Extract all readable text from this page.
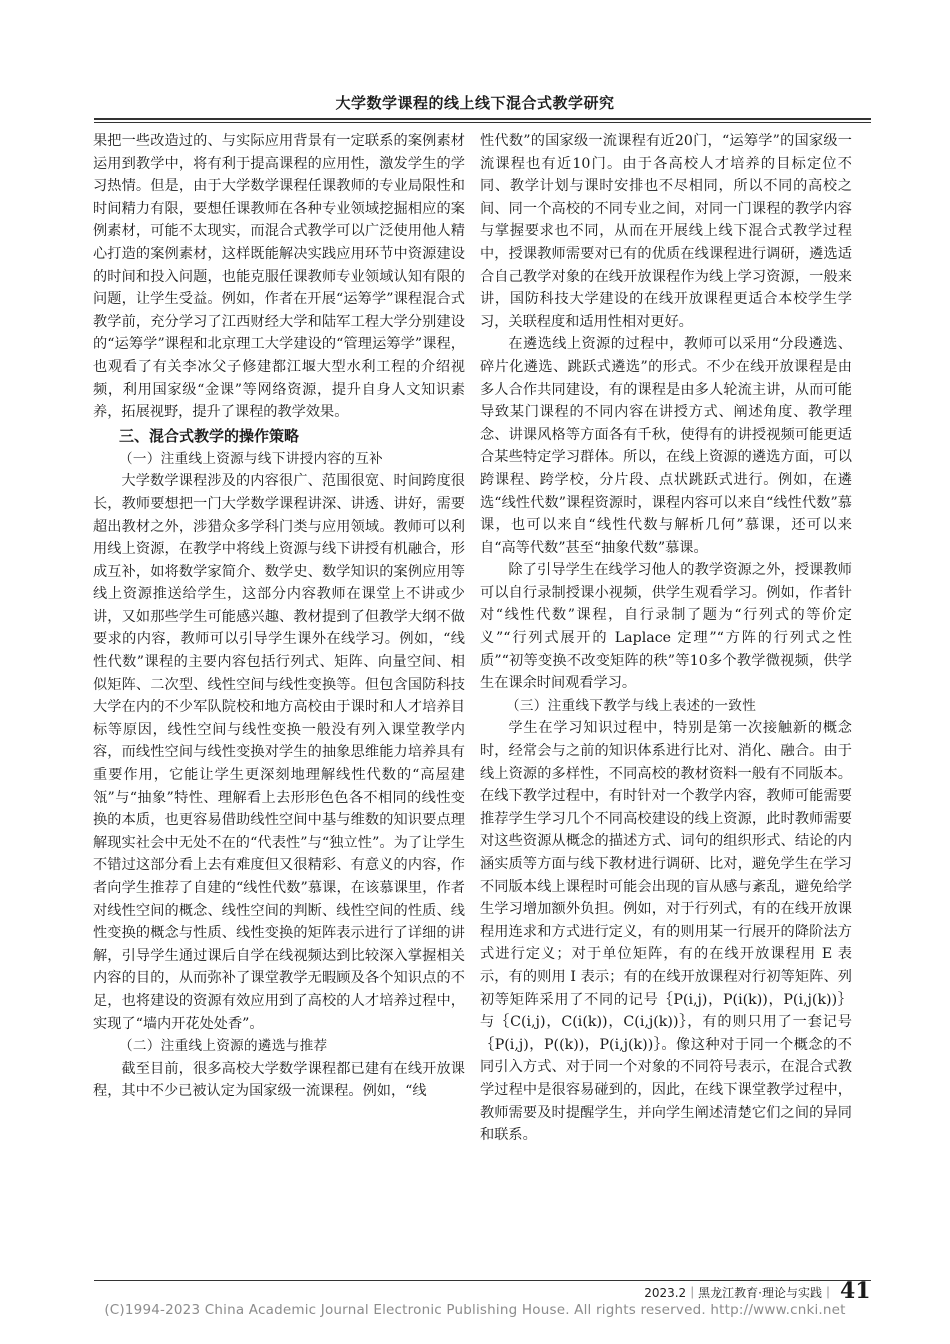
大学数学课程的线上线下混合式教学研究

果把一些改造过的、与实际应用背景有一定联系的案例素材运用到教学中，将有利于提高课程的应用性，激发学生的学习热情。但是，由于大学数学课程任课教师的专业局限性和时间精力有限，要想任课教师在各种专业领域挖掘相应的案例素材，可能不太现实，而混合式教学可以广泛使用他人精心打造的案例素材，这样既能解决实践应用环节中资源建设的时间和投入问题，也能克服任课教师专业领域认知有限的问题，让学生受益。例如，作者在开展“运筹学”课程混合式教学前，充分学习了江西财经大学和陆军工程大学分别建设的“运筹学”课程和北京理工大学建设的“管理运筹学”课程，也观看了有关李冰父子修建都江堰大型水利工程的介绍视频，利用国家级“金课”等网络资源，提升自身人文知识素养，拓展视野，提升了课程的教学效果。

三、混合式教学的操作策略
（一）注重线上资源与线下讲授内容的互补

大学数学课程涉及的内容很广、范围很宽、时间跨度很长，教师要想把一门大学数学课程讲深、讲透、讲好，需要超出教材之外，涉猎众多学科门类与应用领域。教师可以利用线上资源，在教学中将线上资源与线下讲授有机融合，形成互补，如将数学家简介、数学史、数学知识的案例应用等线上资源推送给学生，这部分内容教师在课堂上不讲或少讲，又如那些学生可能感兴趣、教材提到了但教学大纲不做要求的内容，教师可以引导学生课外在线学习。例如，“线性代数”课程的主要内容包括行列式、矩阵、向量空间、相似矩阵、二次型、线性空间与线性变换等。但包含国防科技大学在内的不少军队院校和地方高校由于课时和人才培养目标等原因，线性空间与线性变换一般没有列入课堂教学内容，而线性空间与线性变换对学生的抽象思维能力培养具有重要作用，它能让学生更深刻地理解线性代数的“高屋建瓴”与“抽象”特性、理解看上去形形色色各不相同的线性变换的本质，也更容易借助线性空间中基与维数的知识要点理解现实社会中无处不在的“代表性”与“独立性”。为了让学生不错过这部分看上去有难度但又很精彩、有意义的内容，作者向学生推荐了自建的“线性代数”慕课，在该慕课里，作者对线性空间的概念、线性空间的判断、线性空间的性质、线性变换的概念与性质、线性变换的矩阵表示进行了详细的讲解，引导学生通过课后自学在线视频达到比较深入掌握相关内容的目的，从而弥补了课堂教学无暇顾及各个知识点的不足，也将建设的资源有效应用到了高校的人才培养过程中，实现了“墙内开花处处香”。

（二）注重线上资源的遴选与推荐

截至目前，很多高校大学数学课程都已建有在线开放课程，其中不少已被认定为国家级一流课程。例如，“线

性代数”的国家级一流课程有近20门，“运筹学”的国家级一流课程也有近10门。由于各高校人才培养的目标定位不同、教学计划与课时安排也不尽相同，所以不同的高校之间、同一个高校的不同专业之间，对同一门课程的教学内容与掌握要求也不同，从而在开展线上线下混合式教学过程中，授课教师需要对已有的优质在线课程进行调研，遴选适合自己教学对象的在线开放课程作为线上学习资源，一般来讲，国防科技大学建设的在线开放课程更适合本校学生学习，关联程度和适用性相对更好。

在遴选线上资源的过程中，教师可以采用“分段遴选、碎片化遴选、跳跃式遴选”的形式。不少在线开放课程是由多人合作共同建设，有的课程是由多人轮流主讲，从而可能导致某门课程的不同内容在讲授方式、阐述角度、教学理念、讲课风格等方面各有千秋，使得有的讲授视频可能更适合某些特定学习群体。所以，在线上资源的遴选方面，可以跨课程、跨学校，分片段、点状跳跃式进行。例如，在遴选“线性代数”课程资源时，课程内容可以来自“线性代数”慕课，也可以来自“线性代数与解析几何”慕课，还可以来自“高等代数”甚至“抽象代数”慕课。

除了引导学生在线学习他人的教学资源之外，授课教师可以自行录制授课小视频，供学生观看学习。例如，作者针对“线性代数”课程，自行录制了题为“行列式的等价定义”“行列式展开的 Laplace 定理”“方阵的行列式之性质”“初等变换不改变矩阵的秩”等10多个教学微视频，供学生在课余时间观看学习。

（三）注重线下教学与线上表述的一致性

学生在学习知识过程中，特别是第一次接触新的概念时，经常会与之前的知识体系进行比对、消化、融合。由于线上资源的多样性，不同高校的教材资料一般有不同版本。在线下教学过程中，有时针对一个教学内容，教师可能需要推荐学生学习几个不同高校建设的线上资源，此时教师需要对这些资源从概念的描述方式、词句的组织形式、结论的内涵实质等方面与线下教材进行调研、比对，避免学生在学习不同版本线上课程时可能会出现的盲从感与紊乱，避免给学生学习增加额外负担。例如，对于行列式，有的在线开放课程用连求和方式进行定义，有的则用某一行展开的降阶法方式进行定义；对于单位矩阵，有的在线开放课程用 E 表示，有的则用 I 表示；有的在线开放课程对行初等矩阵、列初等矩阵采用了不同的记号｛P(i,j)，P(i(k))，P(i,j(k))｝与｛C(i,j)，C(i(k))，C(i,j(k))｝，有的则只用了一套记号｛P(i,j)，P((k))，P(i,j(k))｝。像这种对于同一个概念的不同引入方式、对于同一个对象的不同符号表示，在混合式教学过程中是很容易碰到的，因此，在线下课堂教学过程中，教师需要及时提醒学生，并向学生阐述清楚它们之间的异同和联系。

2023.2｜黑龙江教育·理论与实践｜ 41
(C)1994-2023 China Academic Journal Electronic Publishing House. All rights reserved. http://www.cnki.net
